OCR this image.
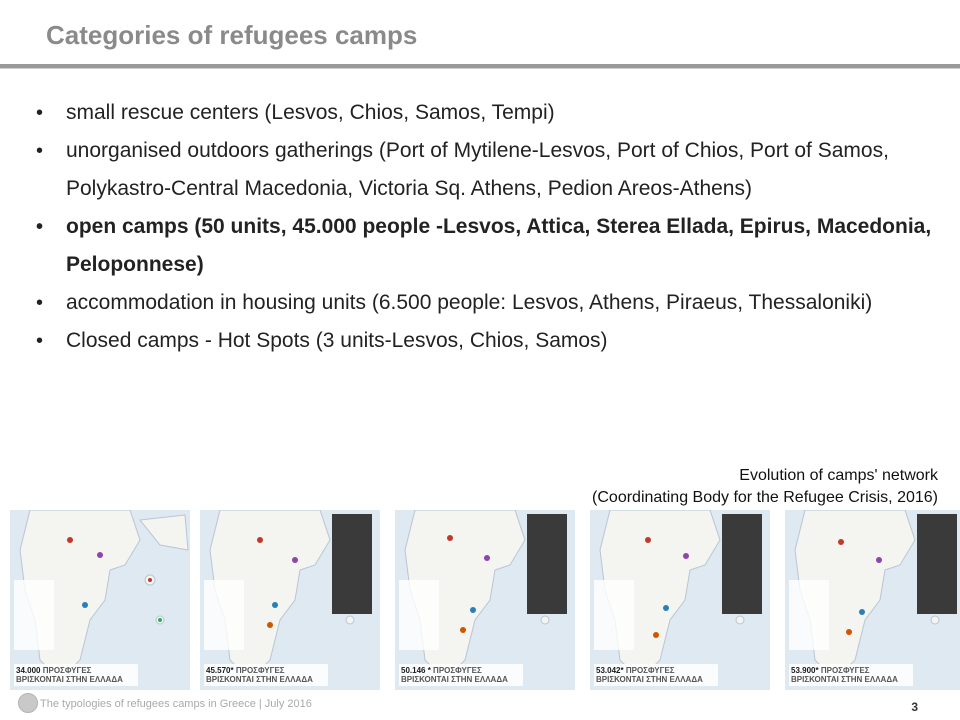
Categories of refugees camps
• small rescue centers (Lesvos, Chios, Samos, Tempi)
• unorganised outdoors gatherings (Port of Mytilene-Lesvos, Port of Chios, Port of Samos, Polykastro-Central Macedonia, Victoria Sq. Athens, Pedion Areos-Athens)
• open camps (50 units, 45.000 people -Lesvos, Attica, Sterea Ellada, Epirus, Macedonia, Peloponnese)
• accommodation in housing units (6.500 people: Lesvos, Athens, Piraeus, Thessaloniki)
• Closed camps - Hot Spots (3 units-Lesvos, Chios, Samos)
Evolution of camps' network
(Coordinating Body for the Refugee Crisis, 2016)
34.000 ΠΡΟΣΦΥΓΕΣ
ΒΡΙΣΚΟΝΤΑΙ ΣΤΗΝ ΕΛΛΑΔΑ
45.570* ΠΡΟΣΦΥΓΕΣ
ΒΡΙΣΚΟΝΤΑΙ ΣΤΗΝ ΕΛΛΑΔΑ
50.146 * ΠΡΟΣΦΥΓΕΣ
ΒΡΙΣΚΟΝΤΑΙ ΣΤΗΝ ΕΛΛΑΔΑ
53.042* ΠΡΟΣΦΥΓΕΣ
ΒΡΙΣΚΟΝΤΑΙ ΣΤΗΝ ΕΛΛΑΔΑ
53.900* ΠΡΟΣΦΥΓΕΣ
ΒΡΙΣΚΟΝΤΑΙ ΣΤΗΝ ΕΛΛΑΔΑ
The typologies of refugees camps in Greece | July 2016	3
